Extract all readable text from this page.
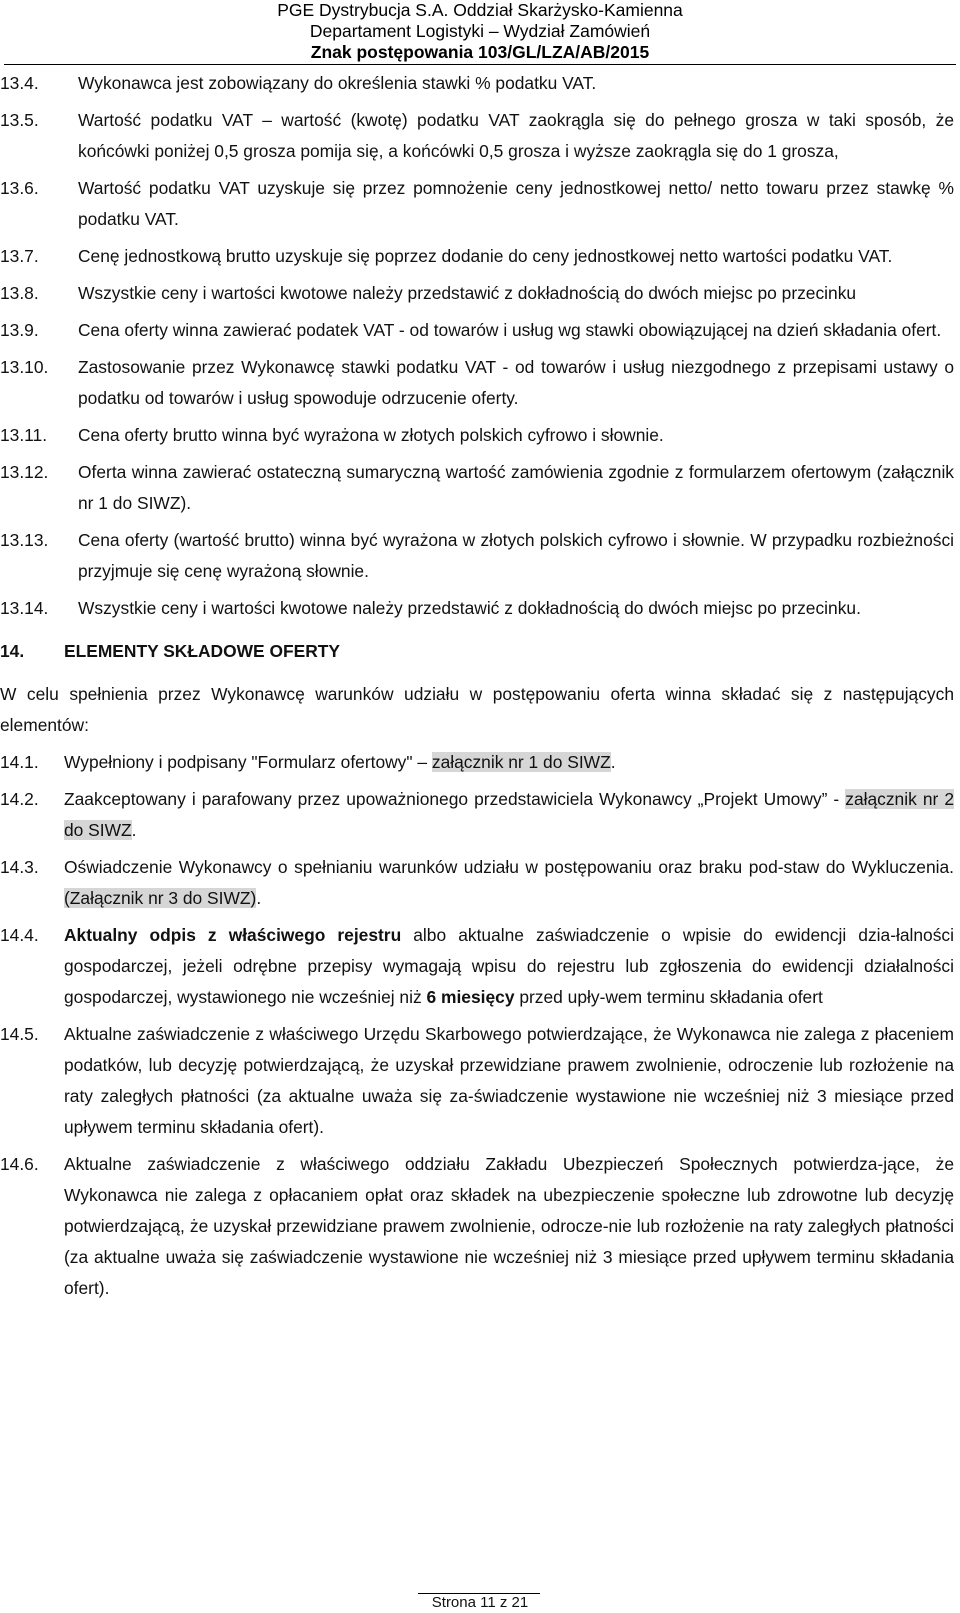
PGE Dystrybucja S.A. Oddział Skarżysko-Kamienna
Departament Logistyki – Wydział Zamówień
Znak postępowania 103/GL/LZA/AB/2015
13.4. Wykonawca jest zobowiązany do określenia stawki % podatku VAT.
13.5. Wartość podatku VAT – wartość (kwotę) podatku VAT zaokrągla się do pełnego grosza w taki sposób, że końcówki poniżej 0,5 grosza pomija się, a końcówki 0,5 grosza i wyższe zaokrągla się do 1 grosza,
13.6. Wartość podatku VAT uzyskuje się przez pomnożenie ceny jednostkowej netto/ netto towaru przez stawkę % podatku VAT.
13.7. Cenę jednostkową brutto uzyskuje się poprzez dodanie do ceny jednostkowej netto wartości podatku VAT.
13.8. Wszystkie ceny i wartości kwotowe należy przedstawić z dokładnością do dwóch miejsc po przecinku
13.9. Cena oferty winna zawierać podatek VAT - od towarów i usług wg stawki obowiązującej na dzień składania ofert.
13.10. Zastosowanie przez Wykonawcę stawki podatku VAT - od towarów i usług niezgodnego z przepisami ustawy o podatku od towarów i usług spowoduje odrzucenie oferty.
13.11. Cena oferty brutto winna być wyrażona w złotych polskich cyfrowo i słownie.
13.12. Oferta winna zawierać ostateczną sumaryczną wartość zamówienia zgodnie z formularzem ofertowym (załącznik nr 1 do SIWZ).
13.13. Cena oferty (wartość brutto) winna być wyrażona w złotych polskich cyfrowo i słownie. W przypadku rozbieżności przyjmuje się cenę wyrażoną słownie.
13.14. Wszystkie ceny i wartości kwotowe należy przedstawić z dokładnością do dwóch miejsc po przecinku.
14. ELEMENTY SKŁADOWE OFERTY
W celu spełnienia przez Wykonawcę warunków udziału w postępowaniu oferta winna składać się z następujących elementów:
14.1. Wypełniony i podpisany "Formularz ofertowy" – załącznik nr 1 do SIWZ.
14.2. Zaakceptowany i parafowany przez upoważnionego przedstawiciela Wykonawcy „Projekt Umowy” - załącznik nr 2 do SIWZ.
14.3. Oświadczenie Wykonawcy o spełnianiu warunków udziału w postępowaniu oraz braku pod-staw do Wykluczenia. (Załącznik nr 3 do SIWZ).
14.4. Aktualny odpis z właściwego rejestru albo aktualne zaświadczenie o wpisie do ewidencji dzia-łalności gospodarczej, jeżeli odrębne przepisy wymagają wpisu do rejestru lub zgłoszenia do ewidencji działalności gospodarczej, wystawionego nie wcześniej niż 6 miesięcy przed upły-wem terminu składania ofert
14.5. Aktualne zaświadczenie z właściwego Urzędu Skarbowego potwierdzające, że Wykonawca nie zalega z płaceniem podatków, lub decyzję potwierdzającą, że uzyskał przewidziane prawem zwolnienie, odroczenie lub rozłożenie na raty zaległych płatności (za aktualne uważa się za-świadczenie wystawione nie wcześniej niż 3 miesiące przed upływem terminu składania ofert).
14.6. Aktualne zaświadczenie z właściwego oddziału Zakładu Ubezpieczeń Społecznych potwierdza-jące, że Wykonawca nie zalega z opłacaniem opłat oraz składek na ubezpieczenie społeczne lub zdrowotne lub decyzję potwierdzającą, że uzyskał przewidziane prawem zwolnienie, odrocze-nie lub rozłożenie na raty zaległych płatności (za aktualne uważa się zaświadczenie wystawione nie wcześniej niż 3 miesiące przed upływem terminu składania ofert).
Strona 11 z 21
